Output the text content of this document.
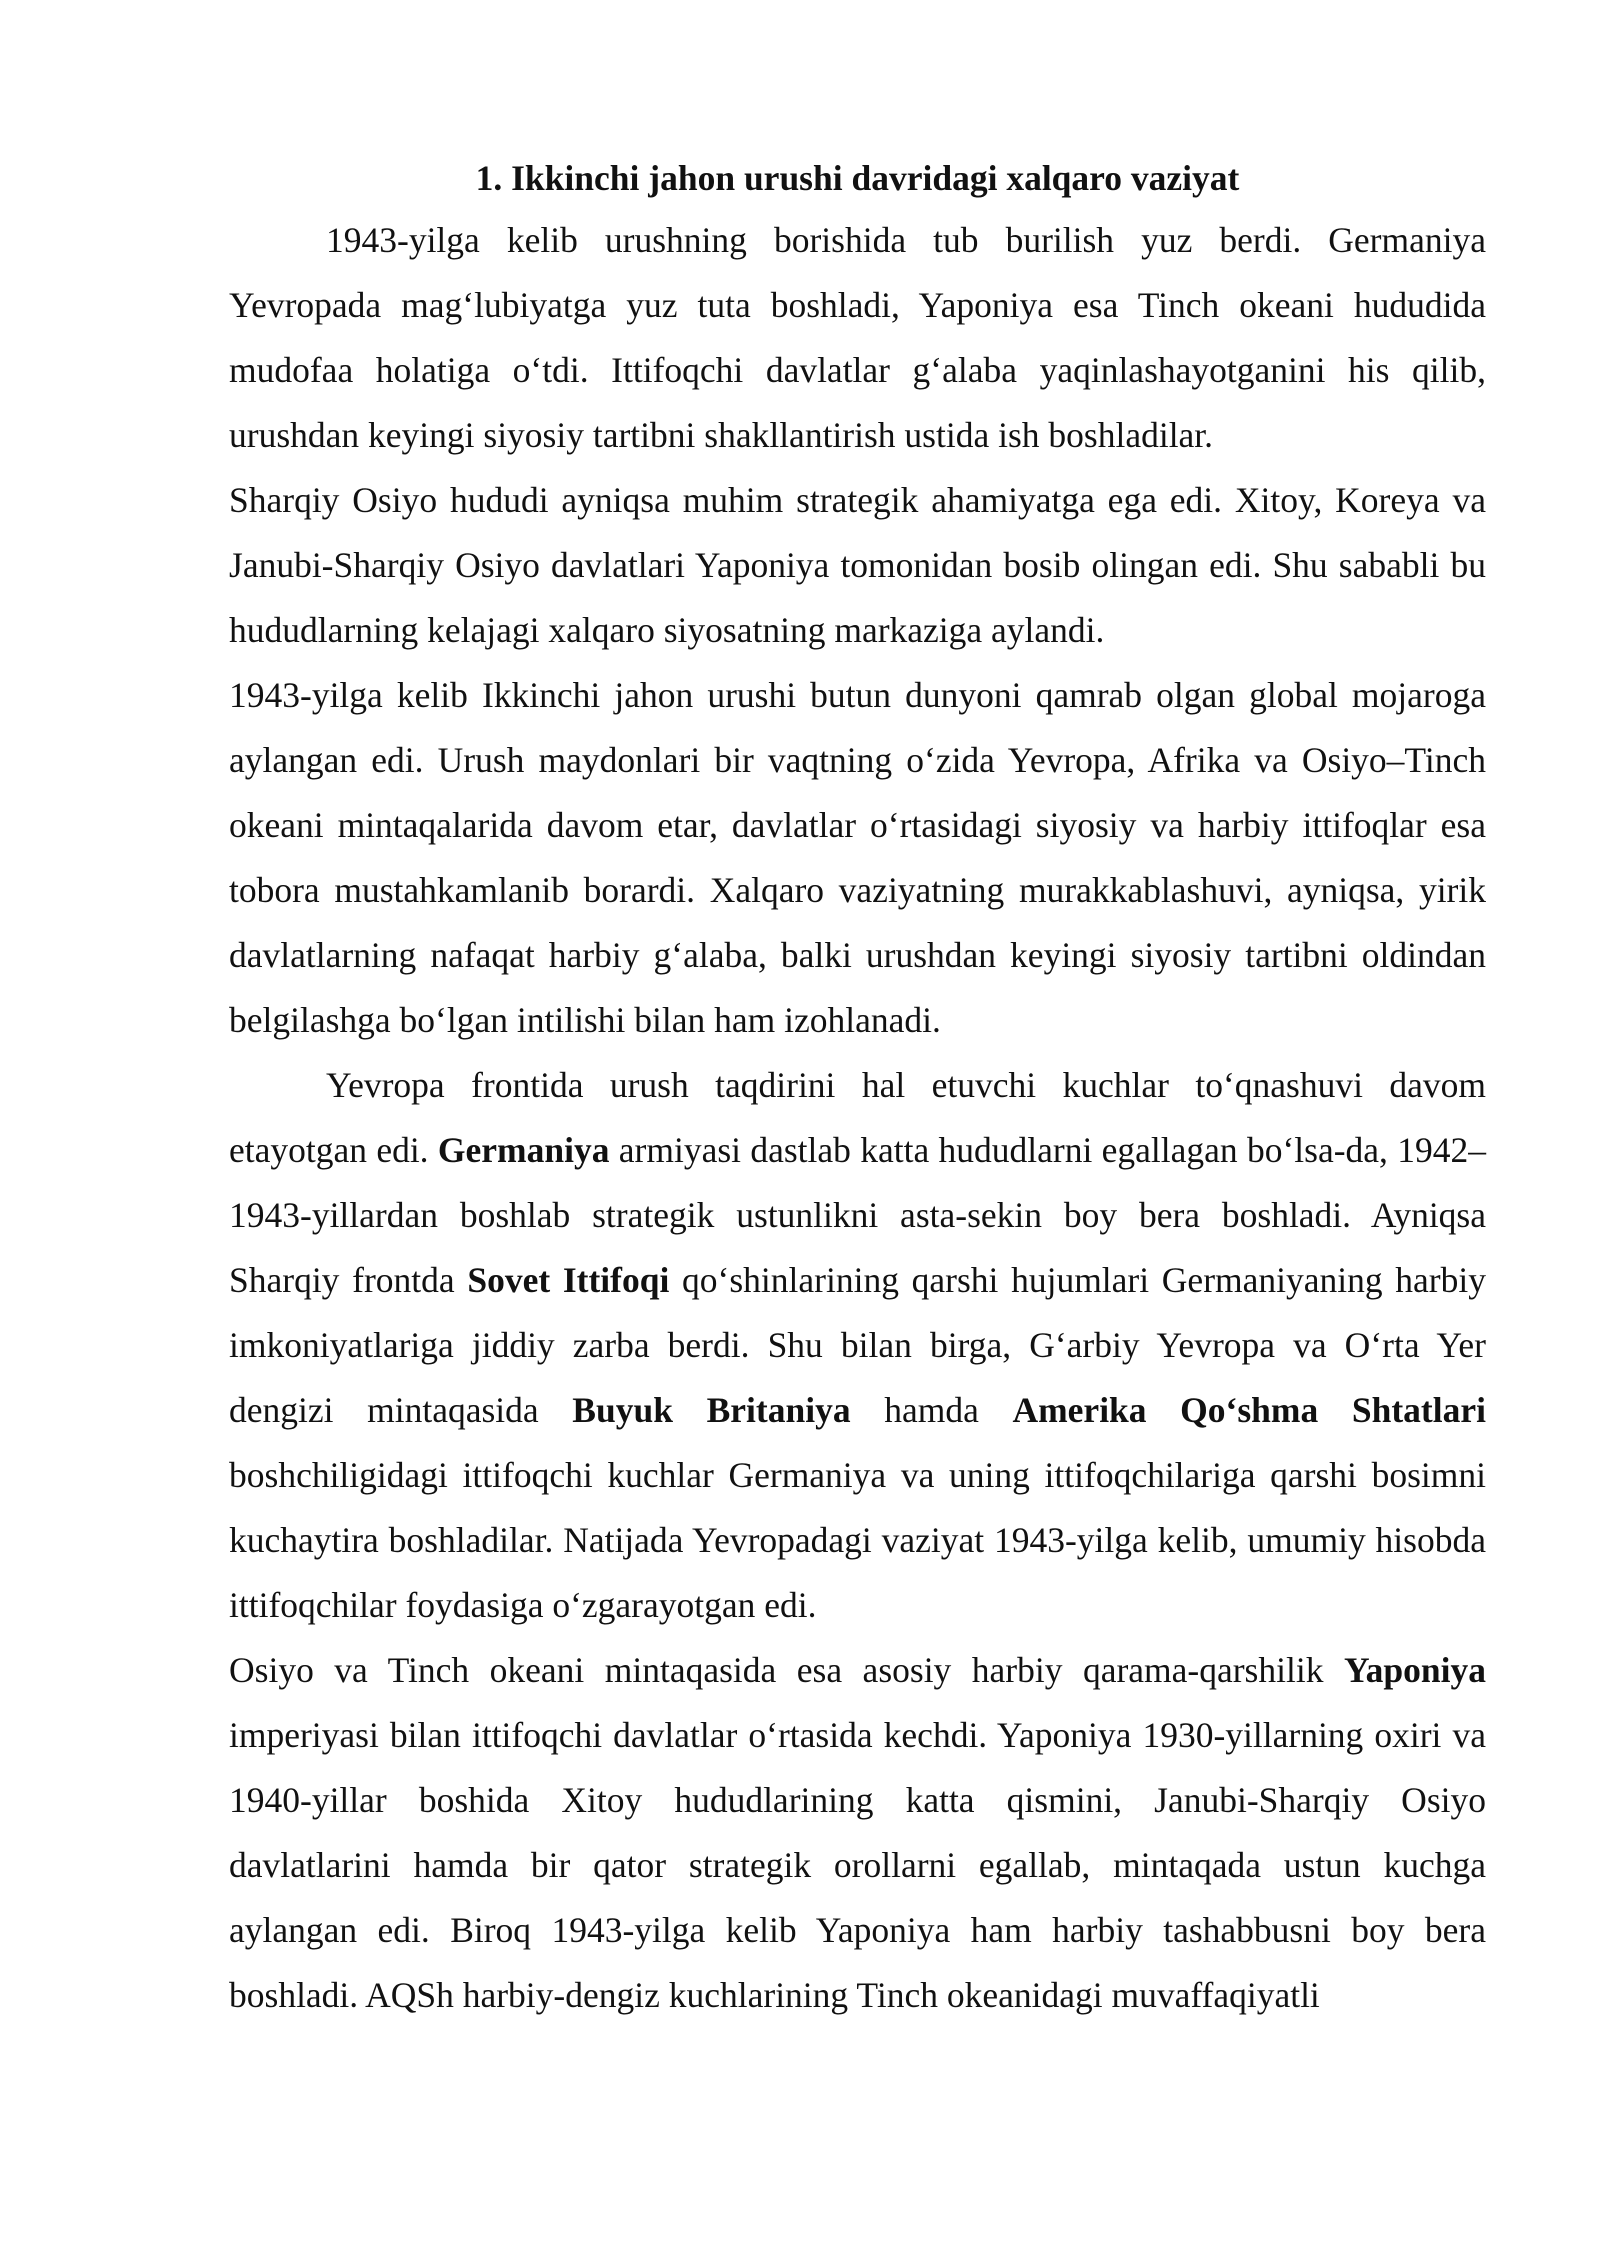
1. Ikkinchi jahon urushi davridagi xalqaro vaziyat

1943-yilga kelib urushning borishida tub burilish yuz berdi. Germaniya Yevropada mag‘lubiyatga yuz tuta boshladi, Yaponiya esa Tinch okeani hududida mudofaa holatiga o‘tdi. Ittifoqchi davlatlar g‘alaba yaqinlashayotganini his qilib, urushdan keyingi siyosiy tartibni shakllantirish ustida ish boshladilar.

Sharqiy Osiyo hududi ayniqsa muhim strategik ahamiyatga ega edi. Xitoy, Koreya va Janubi-Sharqiy Osiyo davlatlari Yaponiya tomonidan bosib olingan edi. Shu sababli bu hududlarning kelajagi xalqaro siyosatning markaziga aylandi.

1943-yilga kelib Ikkinchi jahon urushi butun dunyoni qamrab olgan global mojaroga aylangan edi. Urush maydonlari bir vaqtning o‘zida Yevropa, Afrika va Osiyo–Tinch okeani mintaqalarida davom etar, davlatlar o‘rtasidagi siyosiy va harbiy ittifoqlar esa tobora mustahkamlanib borardi. Xalqaro vaziyatning murakkablashuvi, ayniqsa, yirik davlatlarning nafaqat harbiy g‘alaba, balki urushdan keyingi siyosiy tartibni oldindan belgilashga bo‘lgan intilishi bilan ham izohlanadi.

Yevropa frontida urush taqdirini hal etuvchi kuchlar to‘qnashuvi davom etayotgan edi. Germaniya armiyasi dastlab katta hududlarni egallagan bo‘lsa-da, 1942–1943-yillardan boshlab strategik ustunlikni asta-sekin boy bera boshladi. Ayniqsa Sharqiy frontda Sovet Ittifoqi qo‘shinlarining qarshi hujumlari Germaniyaning harbiy imkoniyatlariga jiddiy zarba berdi. Shu bilan birga, G‘arbiy Yevropa va O‘rta Yer dengizi mintaqasida Buyuk Britaniya hamda Amerika Qo‘shma Shtatlari boshchiligidagi ittifoqchi kuchlar Germaniya va uning ittifoqchilariga qarshi bosimni kuchaytira boshladilar. Natijada Yevropadagi vaziyat 1943-yilga kelib, umumiy hisobda ittifoqchilar foydasiga o‘zgarayotgan edi.

Osiyo va Tinch okeani mintaqasida esa asosiy harbiy qarama-qarshilik Yaponiya imperiyasi bilan ittifoqchi davlatlar o‘rtasida kechdi. Yaponiya 1930-yillarning oxiri va 1940-yillar boshida Xitoy hududlarining katta qismini, Janubi-Sharqiy Osiyo davlatlarini hamda bir qator strategik orollarni egallab, mintaqada ustun kuchga aylangan edi. Biroq 1943-yilga kelib Yaponiya ham harbiy tashabbusni boy bera boshladi. AQSh harbiy-dengiz kuchlarining Tinch okeanidagi muvaffaqiyatli
